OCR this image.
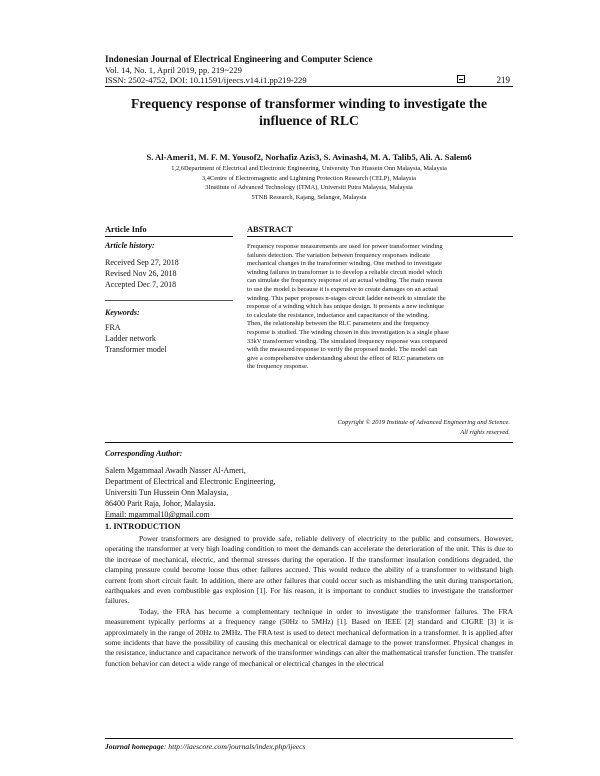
Indonesian Journal of Electrical Engineering and Computer Science
Vol. 14, No. 1, April 2019, pp. 219~229
ISSN: 2502-4752, DOI: 10.11591/ijeecs.v14.i1.pp219-229	219
Frequency response of transformer winding to investigate the
influence of RLC
S. Al-Ameri1, M. F. M. Yousof2, Norhafiz Azis3, S. Avinash4, M. A. Talib5, Ali. A. Salem6
1,2,6Department of Electrical and Electronic Engineering, University Tun Hussein Onn Malaysia, Malaysia
3,4Centre of Electromagnetic and Lightning Protection Research (CELP), Malaysia
3Institute of Advanced Technology (ITMA), Universiti Putra Malaysia, Malaysia
5TNB Research, Kajang, Selangor, Malaysia
Article Info	ABSTRACT
Article history:
Received Sep 27, 2018
Revised Nov 26, 2018
Accepted Dec 7, 2018
Keywords:
FRA
Ladder network
Transformer model
Frequency response measurements are used for power transformer winding
failures detection. The variation between frequency responses indicate
mechanical changes in the transformer winding. One method to investigate
winding failures in transformer is to develop a reliable circuit model which
can simulate the frequency response of an actual winding. The main reason
to use the model is because it is expensive to create damages on an actual
winding. This paper proposes n-stages circuit ladder network to simulate the
response of a winding which has unique design. It presents a new technique
to calculate the resistance, inductance and capacitance of the winding.
Then, the relationship between the RLC parameters and the frequency
response is studied. The winding chosen in this investigation is a single phase
33kV transformer winding. The simulated frequency response was compared
with the measured response to verify the proposed model. The model can
give a comprehensive understanding about the effect of RLC parameters on
the frequency response.
Copyright © 2019 Institute of Advanced Engineering and Science.
All rights reserved.
Corresponding Author:
Salem Mgammaal Awadh Nasser Al-Ameri,
Department of Electrical and Electronic Engineering,
Universiti Tun Hussein Onn Malaysia,
86400 Parit Raja, Johor, Malaysia.
Email: mgammal10@gmail.com
1. INTRODUCTION

Power transformers are designed to provide safe, reliable delivery of electricity to the public and consumers. However, operating the transformer at very high loading condition to meet the demands can accelerate the deterioration of the unit. This is due to the increase of mechanical, electric, and thermal stresses during the operation. If the transformer insulation conditions degraded, the clamping pressure could become loose thus other failures accrued. This would reduce the ability of a transformer to withstand high current from short circuit fault. In addition, there are other failures that could occur such as mishandling the unit during transportation, earthquakes and even combustible gas explosion [1]. For his reason, it is important to conduct studies to investigate the transformer failures.

Today, the FRA has become a complementary technique in order to investigate the transformer failures. The FRA measurement typically performs at a frequency range (50Hz to 5MHz) [1]. Based on IEEE [2] standard and CIGRE [3] it is approximately in the range of 20Hz to 2MHz. The FRA test is used to detect mechanical deformation in a transformer. It is applied after some incidents that have the possibility of causing this mechanical or electrical damage to the power transformer. Physical changes in the resistance, inductance and capacitance network of the transformer windings can alter the mathematical transfer function. The transfer function behavior can detect a wide range of mechanical or electrical changes in the electrical

Journal homepage: http://iaescore.com/journals/index.php/ijeecs
